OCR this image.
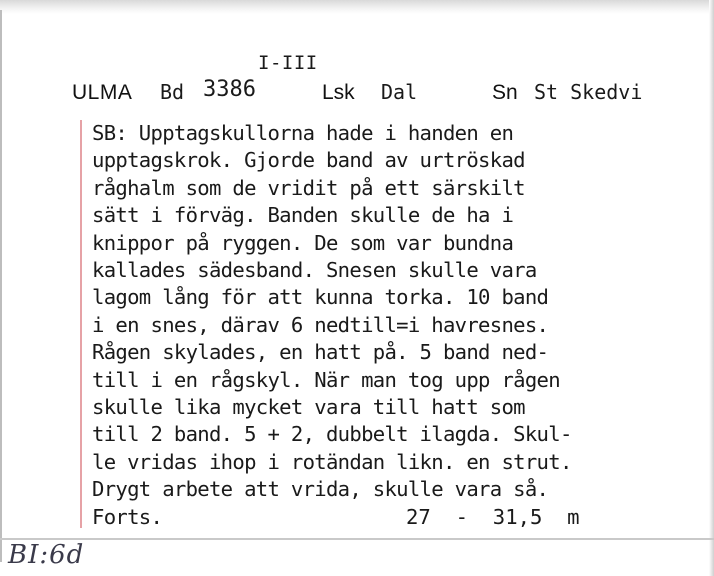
I-III
ULMA Bd 3386	Lsk Dal	Sn St Skedvi
SB: Upptagskullorna hade i handen en
upptagskrok. Gjorde band av urtröskad
råghalm som de vridit på ett särskilt
sätt i förväg. Banden skulle de ha i
knippor på ryggen. De som var bundna
kallades sädesband. Snesen skulle vara
lagom lång för att kunna torka. 10 band
i en snes, därav 6 nedtill=i havresnes.
Rågen skylades, en hatt på. 5 band ned-
till i en rågskyl. När man tog upp rågen
skulle lika mycket vara till hatt som
till 2 band. 5 + 2, dubbelt ilagda. Skul-
le vridas ihop i rotändan likn. en strut.
Drygt arbete att vrida, skulle vara så.
Forts.	27  -  31,5  m
BI:6d
